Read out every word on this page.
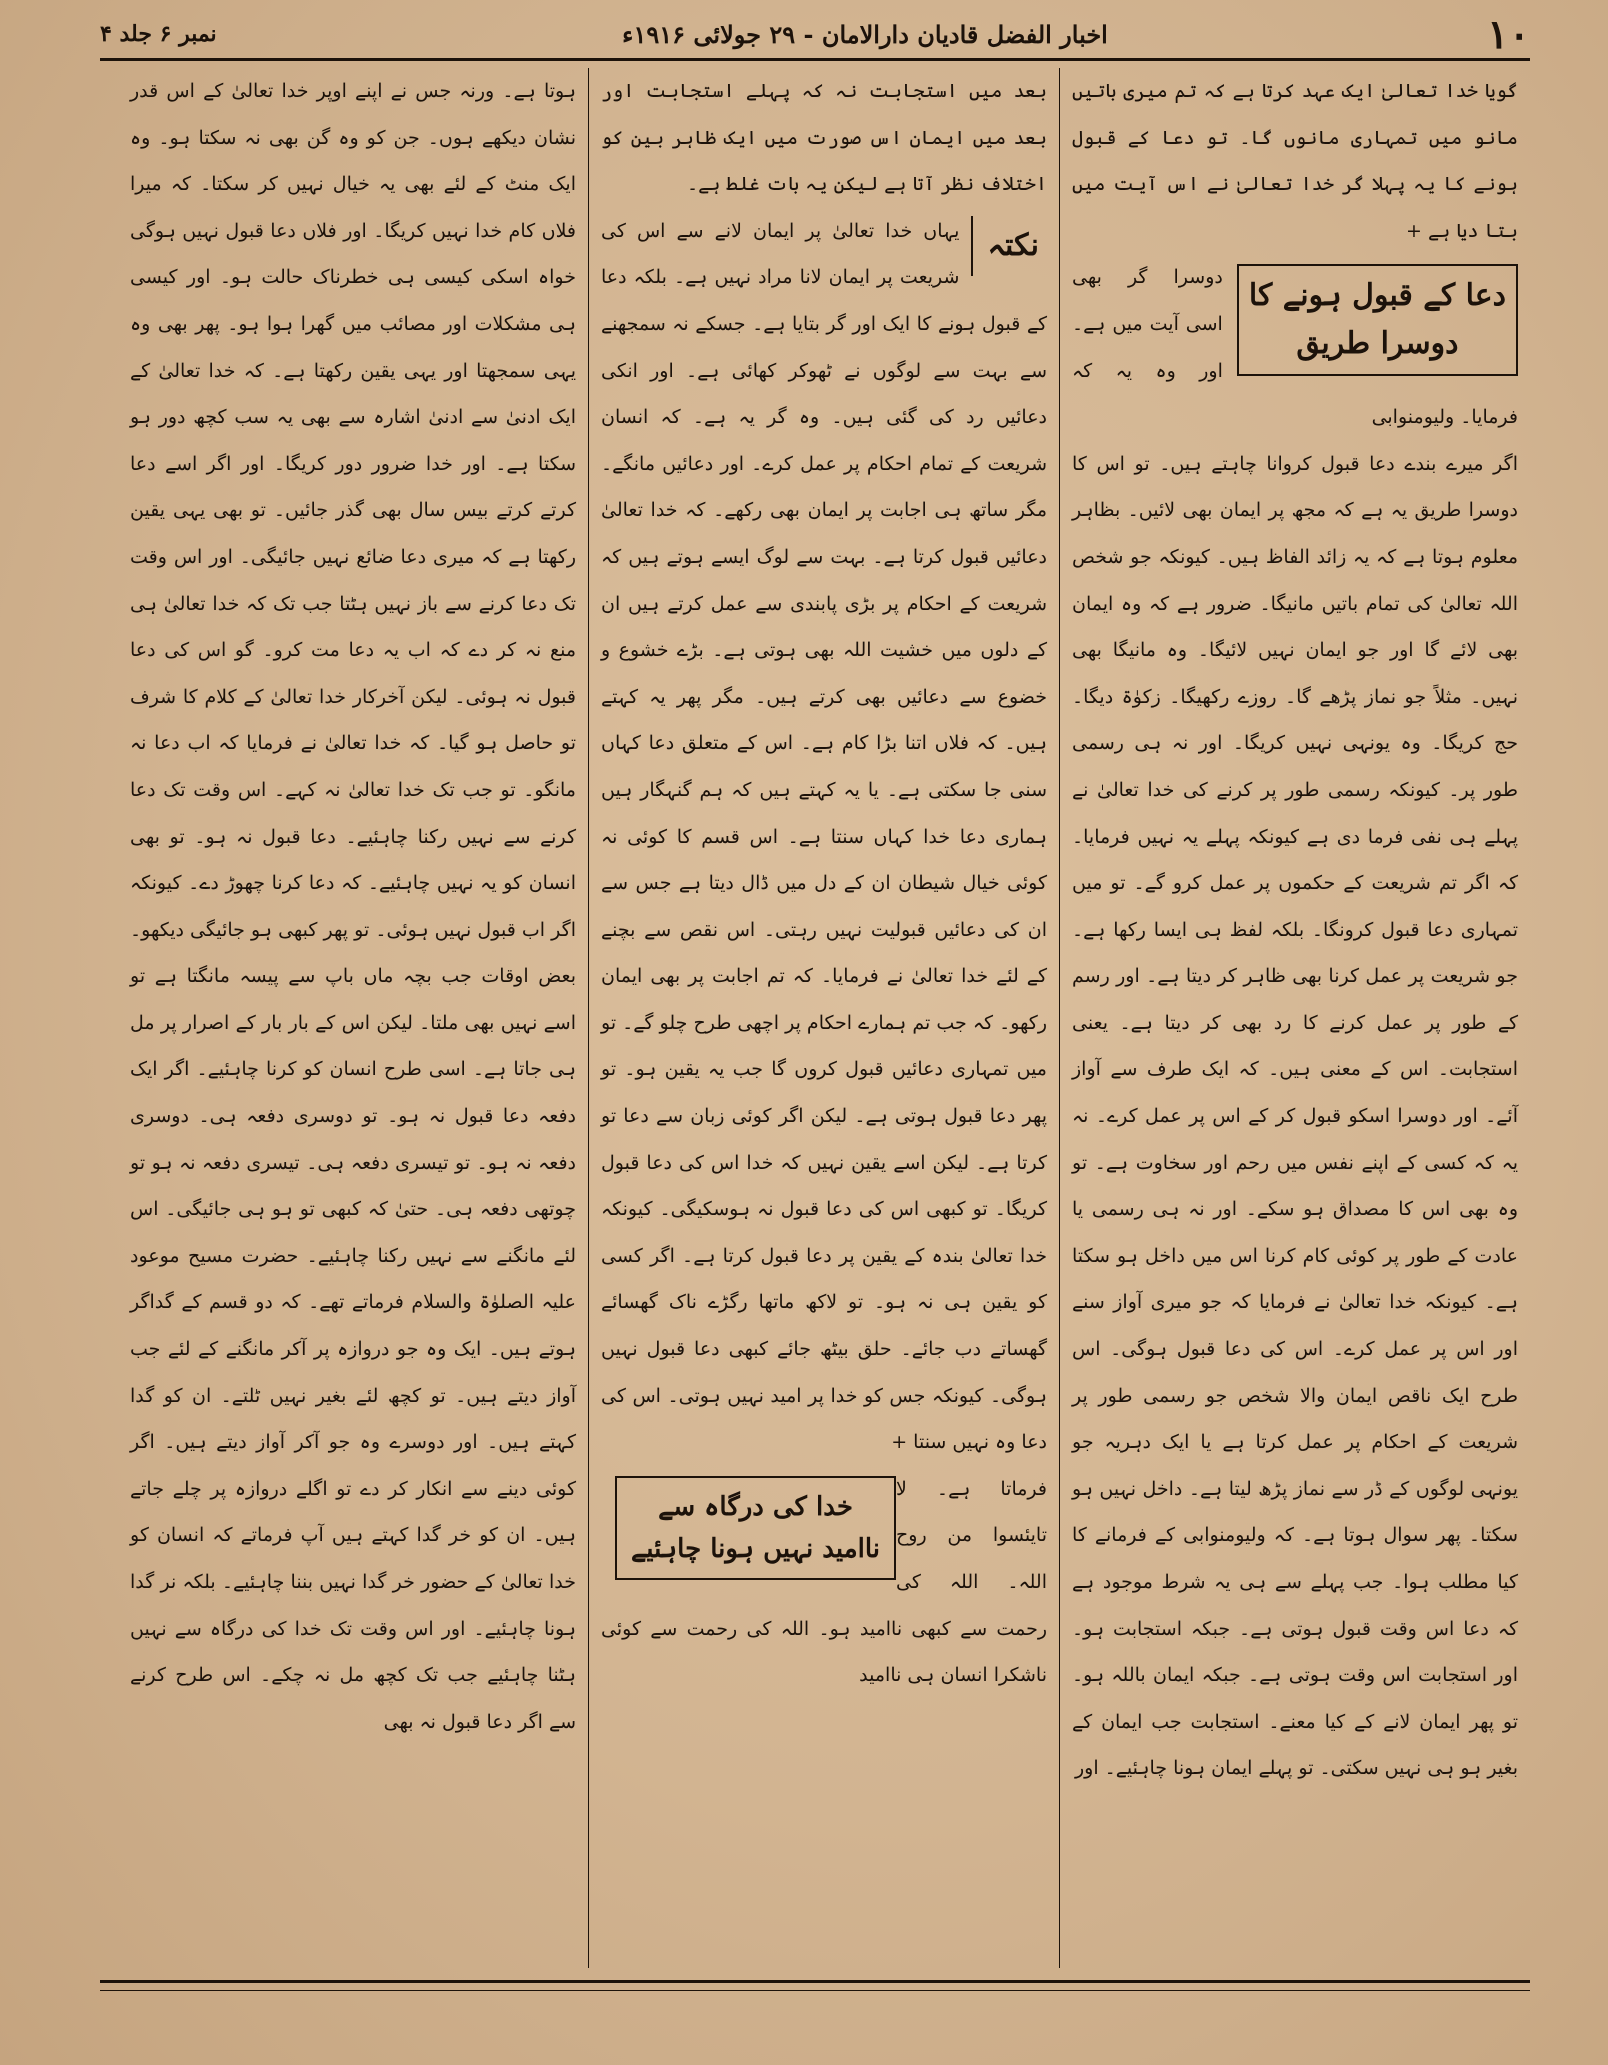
۱۰
اخبار الفضل قادیان دارالامان - ۲۹ جولائی ۱۹۱۶ء
نمبر ۶ جلد ۴

گویا خدا تعالیٰ ایک عہد کرتا ہے کہ تم میری باتیں مانو میں تمہاری مانوں گا۔ تو دعا کے قبول ہونے کا یہ پہلا گر خدا تعالیٰ نے اس آیت میں بتا دیا ہے +

دعا کے قبول ہونے کا
دوسرا طریق

دوسرا گر بھی اسی آیت میں ہے۔ اور وہ یہ کہ فرمایا۔ ولیومنوابی

اگر میرے بندے دعا قبول کروانا چاہتے ہیں۔ تو اس کا دوسرا طریق یہ ہے کہ مجھ پر ایمان بھی لائیں۔ بظاہر معلوم ہوتا ہے کہ یہ زائد الفاظ ہیں۔ کیونکہ جو شخص اللہ تعالیٰ کی تمام باتیں مانیگا۔ ضرور ہے کہ وہ ایمان بھی لائے گا اور جو ایمان نہیں لائیگا۔ وہ مانیگا بھی نہیں۔ مثلاً جو نماز پڑھے گا۔ روزے رکھیگا۔ زکوٰۃ دیگا۔ حج کریگا۔ وہ یونہی نہیں کریگا۔ اور نہ ہی رسمی طور پر۔ کیونکہ رسمی طور پر کرنے کی خدا تعالیٰ نے پہلے ہی نفی فرما دی ہے کیونکہ پہلے یہ نہیں فرمایا۔ کہ اگر تم شریعت کے حکموں پر عمل کرو گے۔ تو میں تمہاری دعا قبول کرونگا۔ بلکہ لفظ ہی ایسا رکھا ہے۔ جو شریعت پر عمل کرنا بھی ظاہر کر دیتا ہے۔ اور رسم کے طور پر عمل کرنے کا رد بھی کر دیتا ہے۔ یعنی استجابت۔ اس کے معنی ہیں۔ کہ ایک طرف سے آواز آئے۔ اور دوسرا اسکو قبول کر کے اس پر عمل کرے۔ نہ یہ کہ کسی کے اپنے نفس میں رحم اور سخاوت ہے۔ تو وہ بھی اس کا مصداق ہو سکے۔ اور نہ ہی رسمی یا عادت کے طور پر کوئی کام کرنا اس میں داخل ہو سکتا ہے۔ کیونکہ خدا تعالیٰ نے فرمایا کہ جو میری آواز سنے اور اس پر عمل کرے۔ اس کی دعا قبول ہوگی۔ اس طرح ایک ناقص ایمان والا شخص جو رسمی طور پر شریعت کے احکام پر عمل کرتا ہے یا ایک دہریہ جو یونہی لوگوں کے ڈر سے نماز پڑھ لیتا ہے۔ داخل نہیں ہو سکتا۔ پھر سوال ہوتا ہے۔ کہ ولیومنوابی کے فرمانے کا کیا مطلب ہوا۔ جب پہلے سے ہی یہ شرط موجود ہے کہ دعا اس وقت قبول ہوتی ہے۔ جبکہ استجابت ہو۔ اور استجابت اس وقت ہوتی ہے۔ جبکہ ایمان باللہ ہو۔ تو پھر ایمان لانے کے کیا معنے۔ استجابت جب ایمان کے بغیر ہو ہی نہیں سکتی۔ تو پہلے ایمان ہونا چاہئیے۔ اور

بعد میں استجابت نہ کہ پہلے استجابت اور بعد میں ایمان اس صورت میں ایک ظاہر بین کو اختلاف نظر آتا ہے لیکن یہ بات غلط ہے۔

نکتہ

یہاں خدا تعالیٰ پر ایمان لانے سے اس کی شریعت پر ایمان لانا مراد نہیں ہے۔ بلکہ دعا کے قبول ہونے کا ایک اور گر بتایا ہے۔ جسکے نہ سمجھنے سے بہت سے لوگوں نے ٹھوکر کھائی ہے۔ اور انکی دعائیں رد کی گئی ہیں۔ وہ گر یہ ہے۔ کہ انسان شریعت کے تمام احکام پر عمل کرے۔ اور دعائیں مانگے۔ مگر ساتھ ہی اجابت پر ایمان بھی رکھے۔ کہ خدا تعالیٰ دعائیں قبول کرتا ہے۔ بہت سے لوگ ایسے ہوتے ہیں کہ شریعت کے احکام پر بڑی پابندی سے عمل کرتے ہیں ان کے دلوں میں خشیت اللہ بھی ہوتی ہے۔ بڑے خشوع و خضوع سے دعائیں بھی کرتے ہیں۔ مگر پھر یہ کہتے ہیں۔ کہ فلاں اتنا بڑا کام ہے۔ اس کے متعلق دعا کہاں سنی جا سکتی ہے۔ یا یہ کہتے ہیں کہ ہم گنہگار ہیں ہماری دعا خدا کہاں سنتا ہے۔ اس قسم کا کوئی نہ کوئی خیال شیطان ان کے دل میں ڈال دیتا ہے جس سے ان کی دعائیں قبولیت نہیں رہتی۔ اس نقص سے بچنے کے لئے خدا تعالیٰ نے فرمایا۔ کہ تم اجابت پر بھی ایمان رکھو۔ کہ جب تم ہمارے احکام پر اچھی طرح چلو گے۔ تو میں تمہاری دعائیں قبول کروں گا جب یہ یقین ہو۔ تو پھر دعا قبول ہوتی ہے۔ لیکن اگر کوئی زبان سے دعا تو کرتا ہے۔ لیکن اسے یقین نہیں کہ خدا اس کی دعا قبول کریگا۔ تو کبھی اس کی دعا قبول نہ ہوسکیگی۔ کیونکہ خدا تعالیٰ بندہ کے یقین پر دعا قبول کرتا ہے۔ اگر کسی کو یقین ہی نہ ہو۔ تو لاکھ ماتھا رگڑے ناک گھسائے گھساتے دب جائے۔ حلق بیٹھ جائے کبھی دعا قبول نہیں ہوگی۔ کیونکہ جس کو خدا پر امید نہیں ہوتی۔ اس کی دعا وہ نہیں سنتا +

خدا کی درگاہ سے
ناامید نہیں ہونا چاہئیے

فرماتا ہے۔ لا تایئسوا من روح اللہ۔ اللہ کی رحمت سے کبھی ناامید ہو۔ اللہ کی رحمت سے کوئی ناشکرا انسان ہی ناامید

ہوتا ہے۔ ورنہ جس نے اپنے اوپر خدا تعالیٰ کے اس قدر نشان دیکھے ہوں۔ جن کو وہ گن بھی نہ سکتا ہو۔ وہ ایک منٹ کے لئے بھی یہ خیال نہیں کر سکتا۔ کہ میرا فلاں کام خدا نہیں کریگا۔ اور فلاں دعا قبول نہیں ہوگی خواہ اسکی کیسی ہی خطرناک حالت ہو۔ اور کیسی ہی مشکلات اور مصائب میں گھرا ہوا ہو۔ پھر بھی وہ یہی سمجھتا اور یہی یقین رکھتا ہے۔ کہ خدا تعالیٰ کے ایک ادنیٰ سے ادنیٰ اشارہ سے بھی یہ سب کچھ دور ہو سکتا ہے۔ اور خدا ضرور دور کریگا۔ اور اگر اسے دعا کرتے کرتے بیس سال بھی گذر جائیں۔ تو بھی یہی یقین رکھتا ہے کہ میری دعا ضائع نہیں جائیگی۔ اور اس وقت تک دعا کرنے سے باز نہیں ہٹتا جب تک کہ خدا تعالیٰ ہی منع نہ کر دے کہ اب یہ دعا مت کرو۔ گو اس کی دعا قبول نہ ہوئی۔ لیکن آخرکار خدا تعالیٰ کے کلام کا شرف تو حاصل ہو گیا۔ کہ خدا تعالیٰ نے فرمایا کہ اب دعا نہ مانگو۔ تو جب تک خدا تعالیٰ نہ کہے۔ اس وقت تک دعا کرنے سے نہیں رکنا چاہئیے۔ دعا قبول نہ ہو۔ تو بھی انسان کو یہ نہیں چاہئیے۔ کہ دعا کرنا چھوڑ دے۔ کیونکہ اگر اب قبول نہیں ہوئی۔ تو پھر کبھی ہو جائیگی دیکھو۔ بعض اوقات جب بچہ ماں باپ سے پیسہ مانگتا ہے تو اسے نہیں بھی ملتا۔ لیکن اس کے بار بار کے اصرار پر مل ہی جاتا ہے۔ اسی طرح انسان کو کرنا چاہئیے۔ اگر ایک دفعہ دعا قبول نہ ہو۔ تو دوسری دفعہ ہی۔ دوسری دفعہ نہ ہو۔ تو تیسری دفعہ ہی۔ تیسری دفعہ نہ ہو تو چوتھی دفعہ ہی۔ حتیٰ کہ کبھی تو ہو ہی جائیگی۔ اس لئے مانگنے سے نہیں رکنا چاہئیے۔ حضرت مسیح موعود علیہ الصلوٰۃ والسلام فرماتے تھے۔ کہ دو قسم کے گداگر ہوتے ہیں۔ ایک وہ جو دروازہ پر آکر مانگنے کے لئے جب آواز دیتے ہیں۔ تو کچھ لئے بغیر نہیں ٹلتے۔ ان کو گدا کہتے ہیں۔ اور دوسرے وہ جو آکر آواز دیتے ہیں۔ اگر کوئی دینے سے انکار کر دے تو اگلے دروازہ پر چلے جاتے ہیں۔ ان کو خر گدا کہتے ہیں آپ فرماتے کہ انسان کو خدا تعالیٰ کے حضور خر گدا نہیں بننا چاہئیے۔ بلکہ نر گدا ہونا چاہئیے۔ اور اس وقت تک خدا کی درگاہ سے نہیں ہٹنا چاہئیے جب تک کچھ مل نہ چکے۔ اس طرح کرنے سے اگر دعا قبول نہ بھی
